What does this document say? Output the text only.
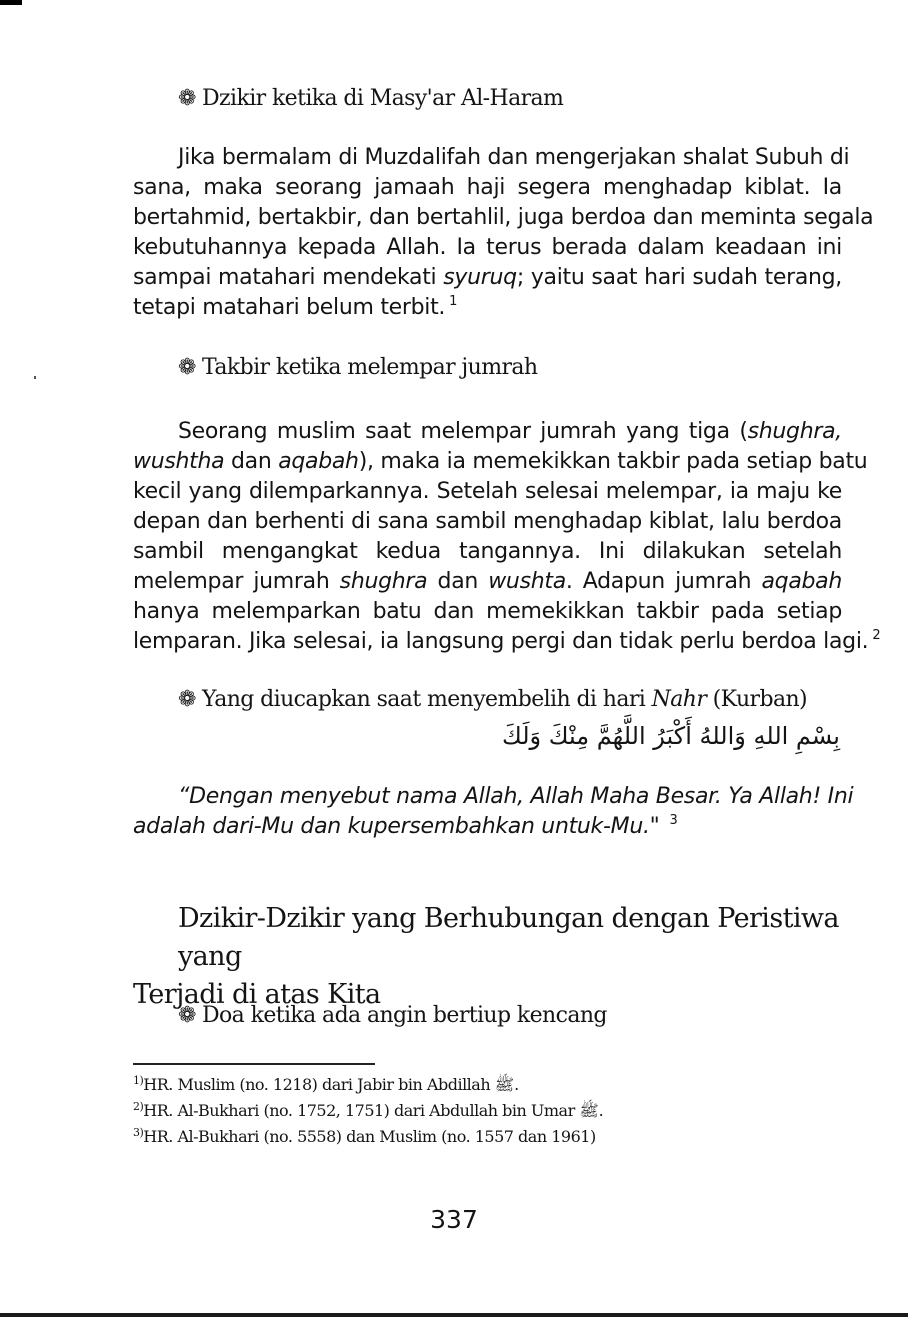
❁ Dzikir ketika di Masy'ar Al-Haram
Jika bermalam di Muzdalifah dan mengerjakan shalat Subuh di
sana, maka seorang jamaah haji segera menghadap kiblat. Ia
bertahmid, bertakbir, dan bertahlil, juga berdoa dan meminta segala
kebutuhannya kepada Allah. Ia terus berada dalam keadaan ini
sampai matahari mendekati syuruq; yaitu saat hari sudah terang,
tetapi matahari belum terbit. $^1$
❁ Takbir ketika melempar jumrah
Seorang muslim saat melempar jumrah yang tiga (shughra,
wushtha dan aqabah), maka ia memekikkan takbir pada setiap batu
kecil yang dilemparkannya. Setelah selesai melempar, ia maju ke
depan dan berhenti di sana sambil menghadap kiblat, lalu berdoa
sambil mengangkat kedua tangannya. Ini dilakukan setelah
melempar jumrah shughra dan wushta. Adapun jumrah aqabah
hanya melemparkan batu dan memekikkan takbir pada setiap
lemparan. Jika selesai, ia langsung pergi dan tidak perlu berdoa lagi. $^2$
❁ Yang diucapkan saat menyembelih di hari Nahr (Kurban)
بِسْمِ اللهِ وَاللهُ أَكْبَرُ اللَّهُمَّ مِنْكَ وَلَكَ
“Dengan menyebut nama Allah, Allah Maha Besar. Ya Allah! Ini
adalah dari-Mu dan kupersembahkan untuk-Mu." $^3$
Dzikir-Dzikir yang Berhubungan dengan Peristiwa yang
Terjadi di atas Kita
❁ Doa ketika ada angin bertiup kencang
$^{1)}$HR. Muslim (no. 1218) dari Jabir bin Abdillah ﷺ.
$^{2)}$HR. Al-Bukhari (no. 1752, 1751) dari Abdullah bin Umar ﷺ.
$^{3)}$HR. Al-Bukhari (no. 5558) dan Muslim (no. 1557 dan 1961)
337
